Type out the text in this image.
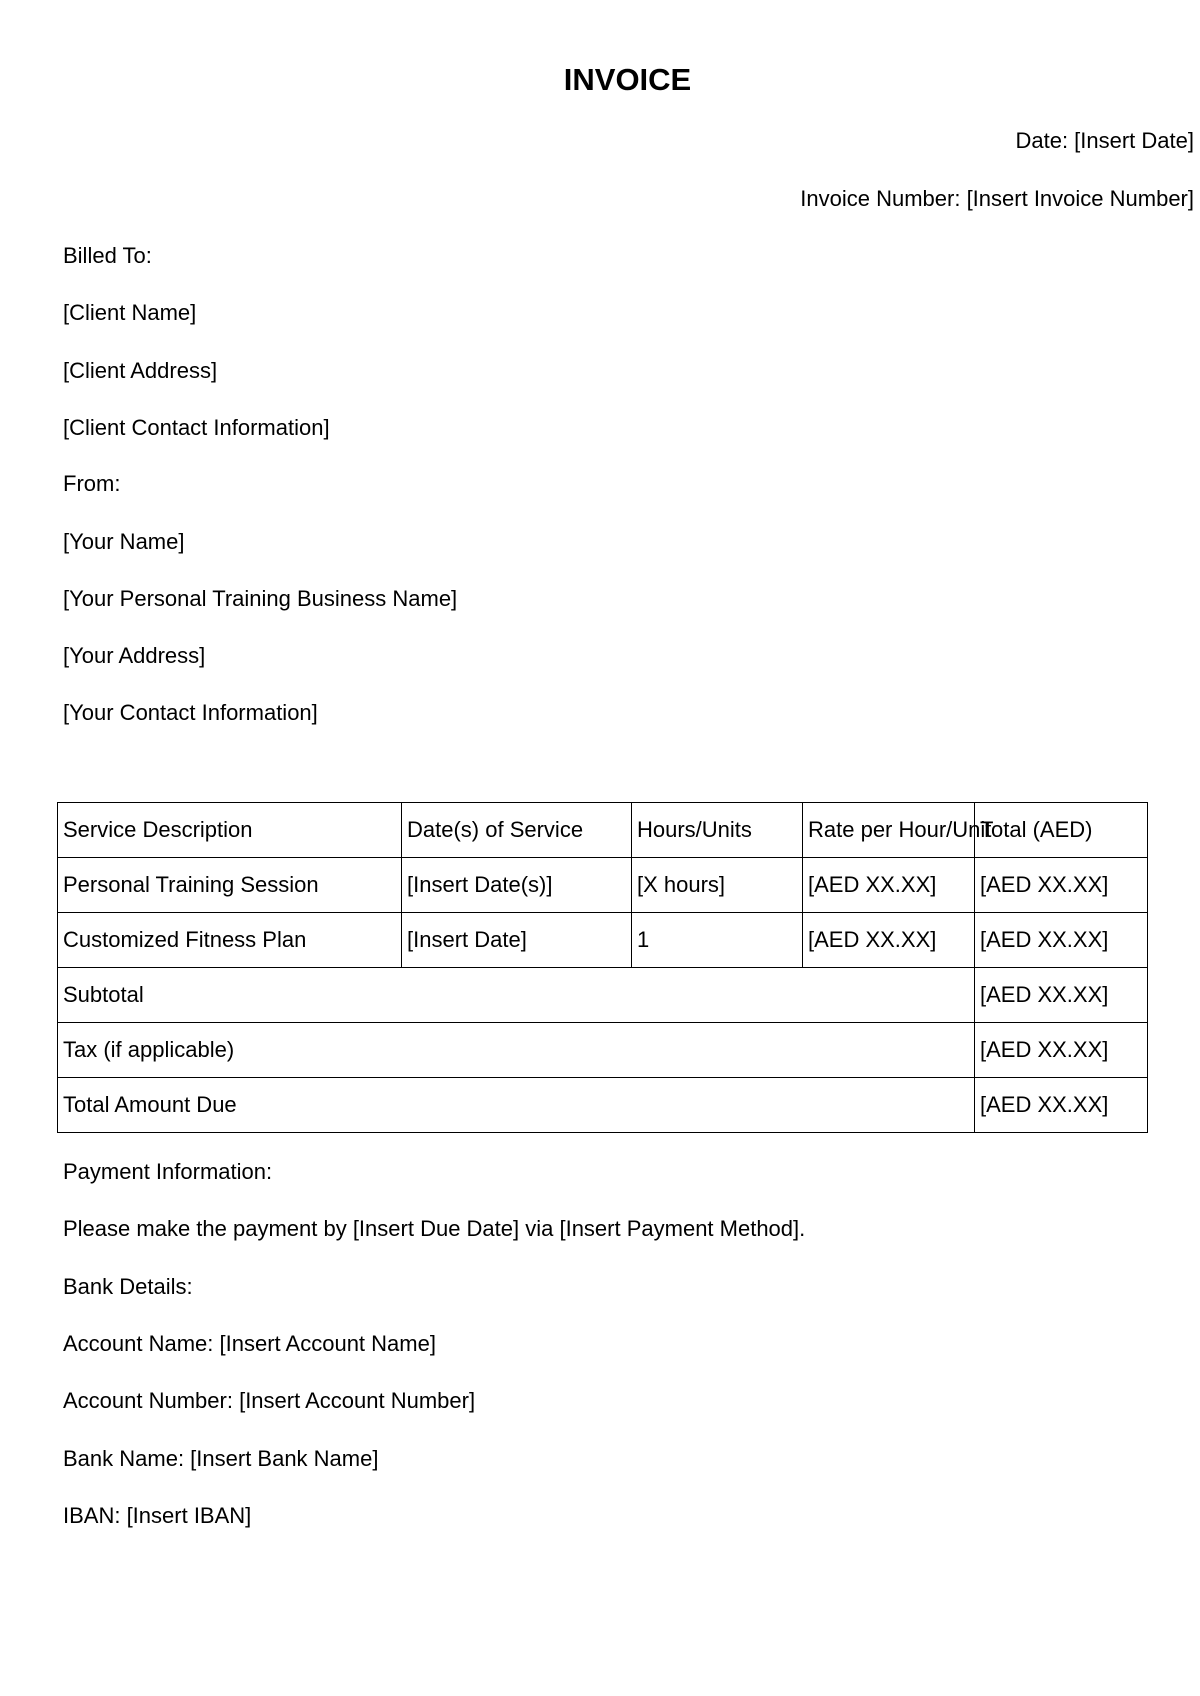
INVOICE
Date: [Insert Date]
Invoice Number: [Insert Invoice Number]
Billed To:
[Client Name]
[Client Address]
[Client Contact Information]
From:
[Your Name]
[Your Personal Training Business Name]
[Your Address]
[Your Contact Information]
Service Description	Date(s) of Service	Hours/Units	Rate per Hour/Unit	Total (AED)
Personal Training Session	[Insert Date(s)]	[X hours]	[AED XX.XX]	[AED XX.XX]
Customized Fitness Plan	[Insert Date]	1	[AED XX.XX]	[AED XX.XX]
Subtotal				[AED XX.XX]
Tax (if applicable)				[AED XX.XX]
Total Amount Due				[AED XX.XX]
Payment Information:
Please make the payment by [Insert Due Date] via [Insert Payment Method].
Bank Details:
Account Name: [Insert Account Name]
Account Number: [Insert Account Number]
Bank Name: [Insert Bank Name]
IBAN: [Insert IBAN]
